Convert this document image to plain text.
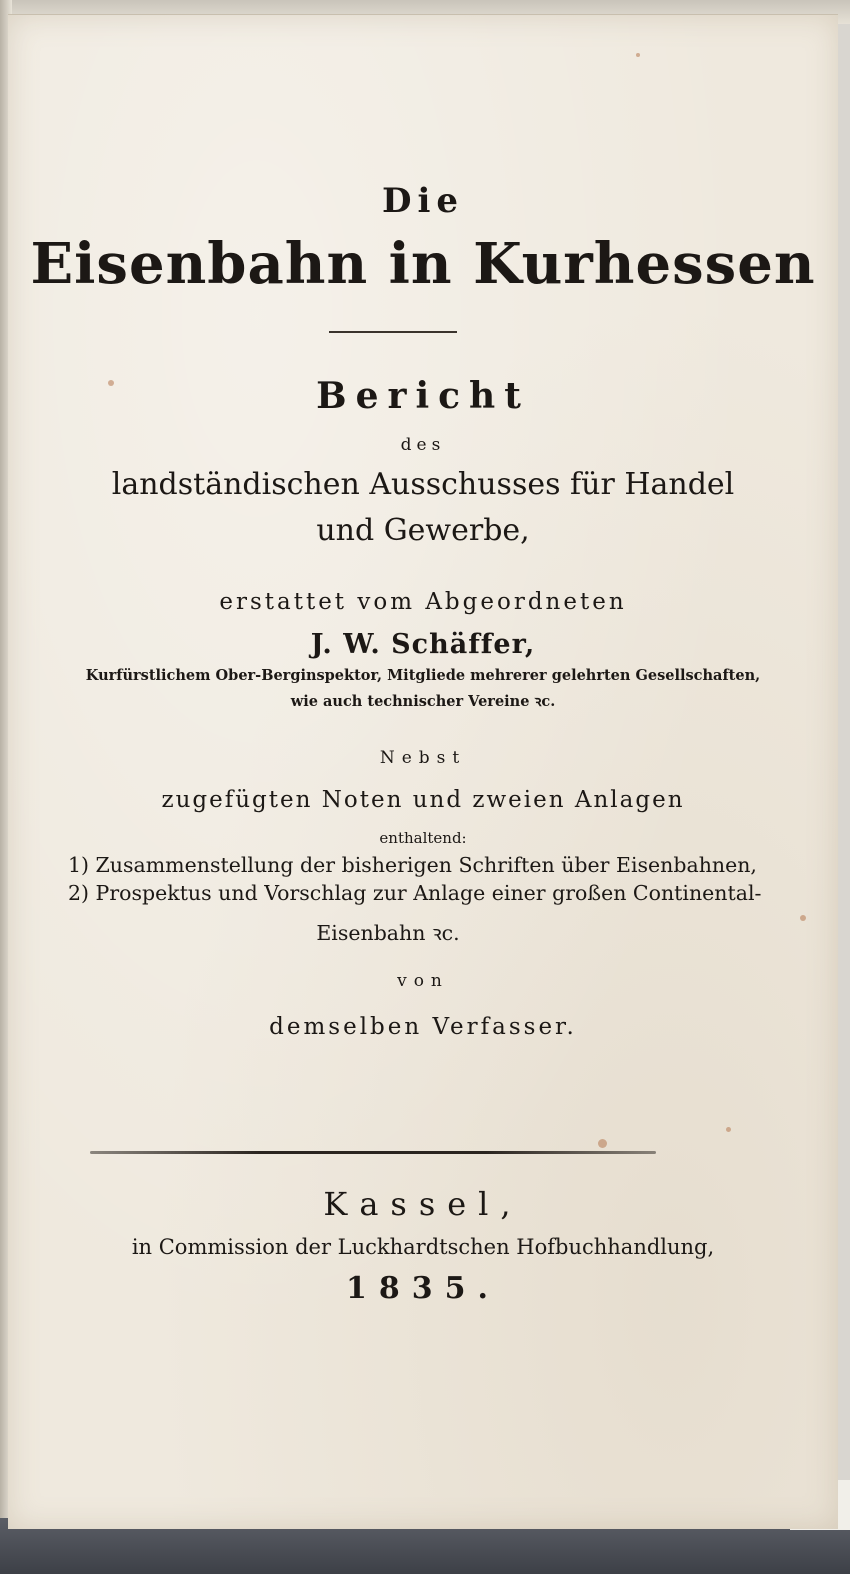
Die
Eisenbahn in Kurhessen
Bericht
des
landständischen Ausschusses für Handel
und Gewerbe,
erstattet vom Abgeordneten
J. W. Schäffer,
Kurfürstlichem Ober-Berginspektor, Mitgliede mehrerer gelehrten Gesellschaften,
wie auch technischer Vereine ꝛc.
Nebst
zugefügten Noten und zweien Anlagen
enthaltend:
1) Zusammenstellung der bisherigen Schriften über Eisenbahnen,
2) Prospektus und Vorschlag zur Anlage einer großen Continental-
Eisenbahn ꝛc.
von
demselben Verfasser.
Kassel,
in Commission der Luckhardtschen Hofbuchhandlung,
1835.
